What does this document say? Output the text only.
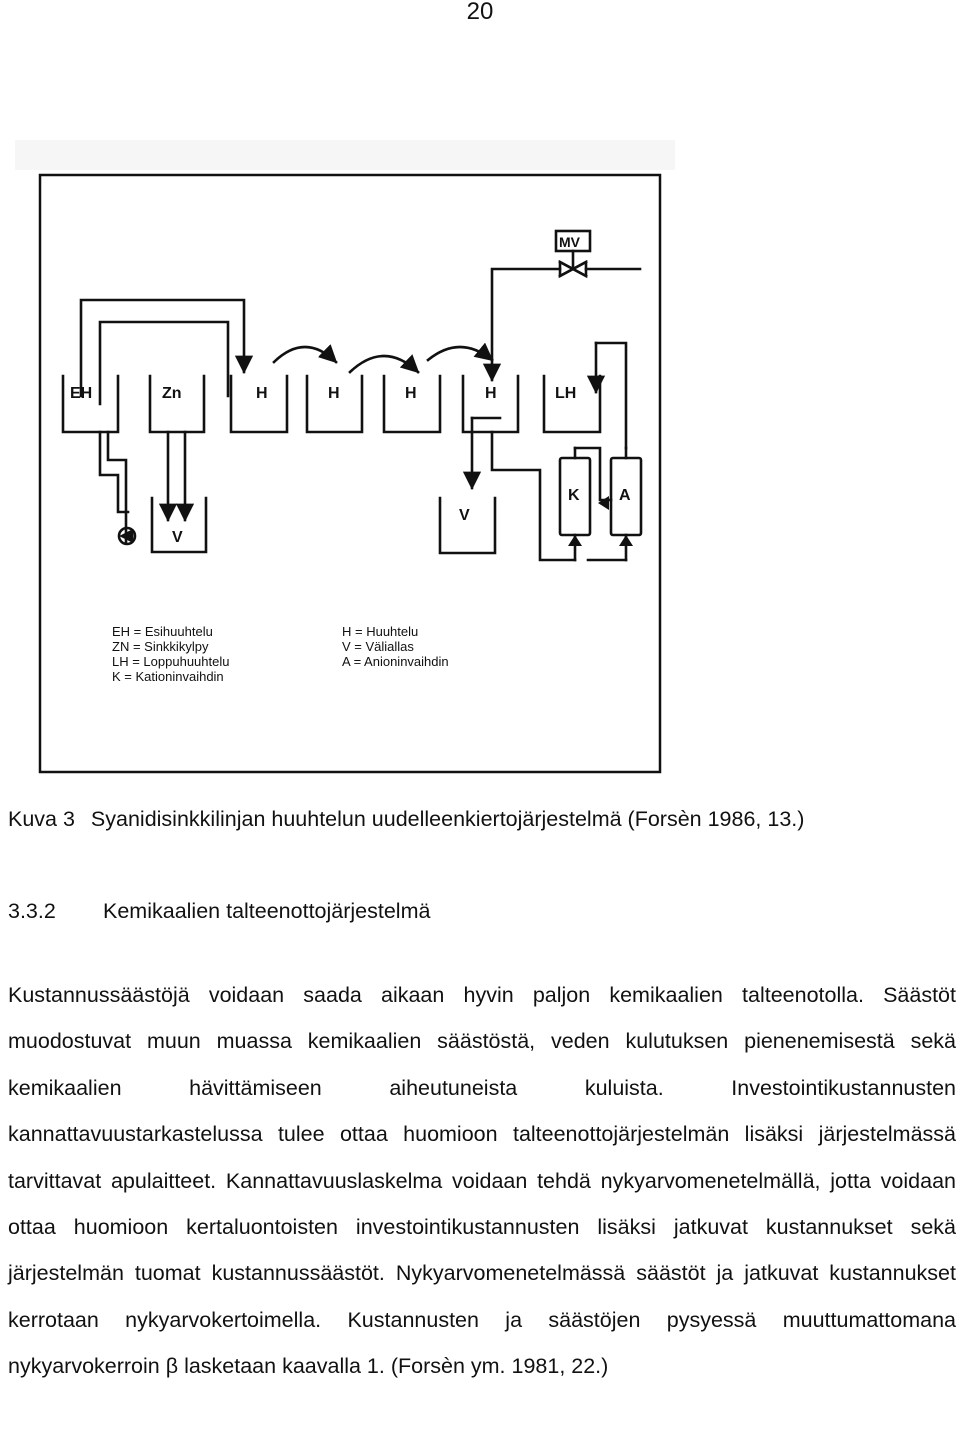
20
EH	Zn	H	H	H	H	LH
V
V
K A
MV
EH = Esihuuhtelu
ZN = Sinkkikylpy
LH = Loppuhuuhtelu
K = Kationinvaihdin
H = Huuhtelu
V = Väliallas
A = Anioninvaihdin
Kuva 3 Syanidisinkkilinjan huuhtelun uudelleenkiertojärjestelmä (Forsèn 1986, 13.)
3.3.2 Kemikaalien talteenottojärjestelmä
Kustannussäästöjä voidaan saada aikaan hyvin paljon kemikaalien talteenotolla. Säästöt muodostuvat muun muassa kemikaalien säästöstä, veden kulutuksen pienenemisestä sekä kemikaalien hävittämiseen aiheutuneista kuluista. Investointikustannusten kannattavuustarkastelussa tulee ottaa huomioon talteenottojärjestelmän lisäksi järjestelmässä tarvittavat apulaitteet. Kannattavuuslaskelma voidaan tehdä nykyarvomenetelmällä, jotta voidaan ottaa huomioon kertaluontoisten investointikustannusten lisäksi jatkuvat kustannukset sekä järjestelmän tuomat kustannussäästöt. Nykyarvomenetelmässä säästöt ja jatkuvat kustannukset kerrotaan nykyarvokertoimella. Kustannusten ja säästöjen pysyessä muuttumattomana nykyarvokerroin β lasketaan kaavalla 1. (Forsèn ym. 1981, 22.)
